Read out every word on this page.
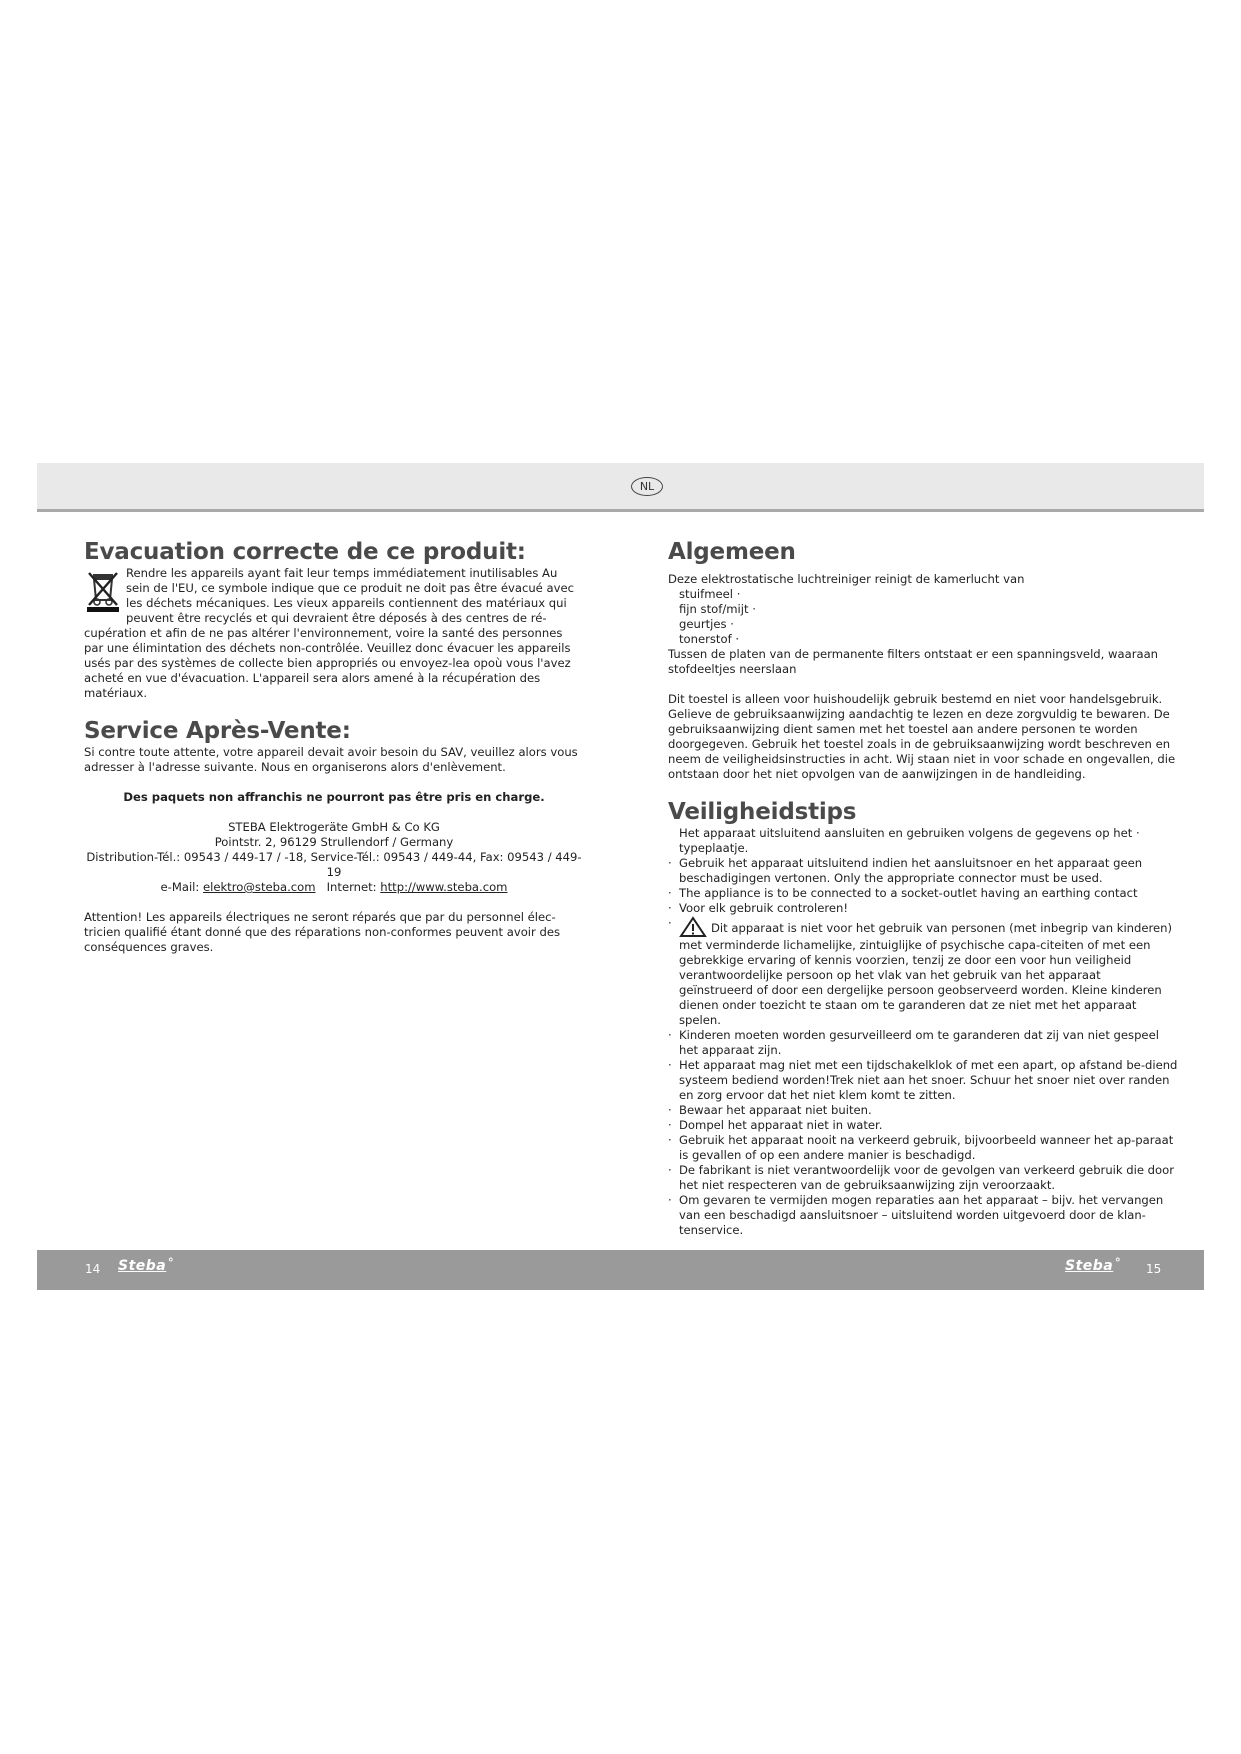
NL
Evacuation correcte de ce produit:

Rendre les appareils ayant fait leur temps immédiatement inutilisables Au sein de l'EU, ce symbole indique que ce produit ne doit pas être évacué avec les déchets mécaniques. Les vieux appareils contiennent des matériaux qui peuvent être recyclés et qui devraient être déposés à des centres de ré-cupération et afin de ne pas altérer l'environnement, voire la santé des personnes par une élimintation des déchets non-contrôlée. Veuillez donc évacuer les appareils usés par des systèmes de collecte bien appropriés ou envoyez-lea opoù vous l'avez acheté en vue d'évacuation. L'appareil sera alors amené à la récupération des matériaux.

Service Après-Vente:

Si contre toute attente, votre appareil devait avoir besoin du SAV, veuillez alors vous adresser à l'adresse suivante. Nous en organiserons alors d'enlèvement.

Des paquets non affranchis ne pourront pas être pris en charge.

STEBA Elektrogeräte GmbH & Co KG

Pointstr. 2, 96129 Strullendorf / Germany

Distribution-Tél.: 09543 / 449-17 / -18, Service-Tél.: 09543 / 449-44, Fax: 09543 / 449-19

e-Mail: elektro@steba.com Internet: http://www.steba.com

Attention! Les appareils électriques ne seront réparés que par du personnel élec-tricien qualifié étant donné que des réparations non-conformes peuvent avoir des conséquences graves.

Algemeen

Deze elektrostatische luchtreiniger reinigt de kamerlucht van

stuifmeel ·

fijn stof/mijt ·

geurtjes ·

tonerstof ·

Tussen de platen van de permanente filters ontstaat er een spanningsveld, waaraan stofdeeltjes neerslaan

Dit toestel is alleen voor huishoudelijk gebruik bestemd en niet voor handelsgebruik. Gelieve de gebruiksaanwijzing aandachtig te lezen en deze zorgvuldig te bewaren. De gebruiksaanwijzing dient samen met het toestel aan andere personen te worden doorgegeven. Gebruik het toestel zoals in de gebruiksaanwijzing wordt beschreven en neem de veiligheidsinstructies in acht. Wij staan niet in voor schade en ongevallen, die ontstaan door het niet opvolgen van de aanwijzingen in de handleiding.

Veiligheidstips

Het apparaat uitsluitend aansluiten en gebruiken volgens de gegevens op het · typeplaatje.

· Gebruik het apparaat uitsluitend indien het aansluitsnoer en het apparaat geen beschadigingen vertonen. Only the appropriate connector must be used.
· The appliance is to be connected to a socket-outlet having an earthing contact
· Voor elk gebruik controleren!
· Dit apparaat is niet voor het gebruik van personen (met inbegrip van kinderen) met verminderde lichamelijke, zintuiglijke of psychische capa-citeiten of met een gebrekkige ervaring of kennis voorzien, tenzij ze door een voor hun veiligheid verantwoordelijke persoon op het vlak van het gebruik van het apparaat geïnstrueerd of door een dergelijke persoon geobserveerd worden. Kleine kinderen dienen onder toezicht te staan om te garanderen dat ze niet met het apparaat spelen.
· Kinderen moeten worden gesurveilleerd om te garanderen dat zij van niet gespeel het apparaat zijn.
· Het apparaat mag niet met een tijdschakelklok of met een apart, op afstand be-diend systeem bediend worden!Trek niet aan het snoer. Schuur het snoer niet over randen en zorg ervoor dat het niet klem komt te zitten.
· Bewaar het apparaat niet buiten.
· Dompel het apparaat niet in water.
· Gebruik het apparaat nooit na verkeerd gebruik, bijvoorbeeld wanneer het ap-paraat is gevallen of op een andere manier is beschadigd.
· De fabrikant is niet verantwoordelijk voor de gevolgen van verkeerd gebruik die door het niet respecteren van de gebruiksaanwijzing zijn veroorzaakt.
· Om gevaren te vermijden mogen reparaties aan het apparaat – bijv. het vervangen van een beschadigd aansluitsnoer – uitsluitend worden uitgevoerd door de klan-tenservice.
14 Steba˚	Steba˚ 15
